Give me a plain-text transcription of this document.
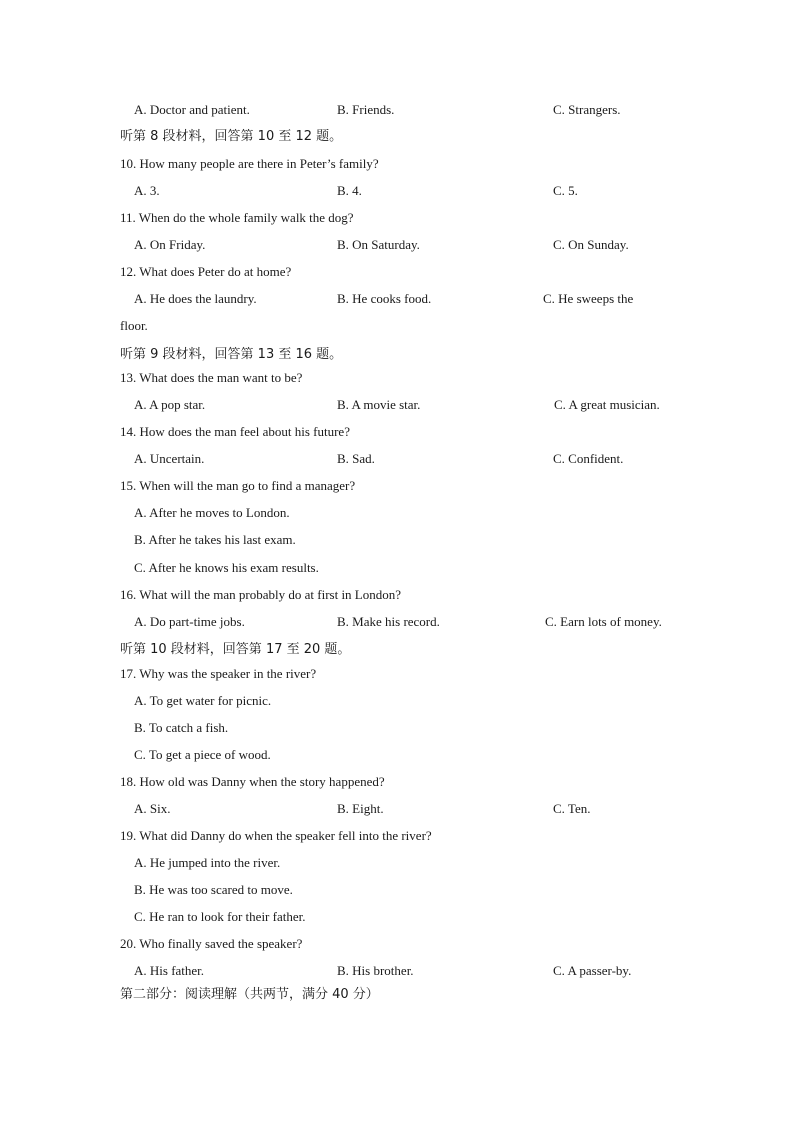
A. Doctor and patient.	B. Friends.	C. Strangers.
听第 8 段材料，回答第 10 至 12 题。
10. How many people are there in Peter’s family?
A. 3.	B. 4.	C. 5.
11. When do the whole family walk the dog?
A. On Friday.	B. On Saturday.	C. On Sunday.
12. What does Peter do at home?
A. He does the laundry.	B. He cooks food.	C. He sweeps the
floor.
听第 9 段材料，回答第 13 至 16 题。
13. What does the man want to be?
A. A pop star.	B. A movie star.	C. A great musician.
14. How does the man feel about his future?
A. Uncertain.	B. Sad.	C. Confident.
15. When will the man go to find a manager?
A. After he moves to London.
B. After he takes his last exam.
C. After he knows his exam results.
16. What will the man probably do at first in London?
A. Do part-time jobs.	B. Make his record.	C. Earn lots of money.
听第 10 段材料，回答第 17 至 20 题。
17. Why was the speaker in the river?
A. To get water for picnic.
B. To catch a fish.
C. To get a piece of wood.
18. How old was Danny when the story happened?
A. Six.	B. Eight.	C. Ten.
19. What did Danny do when the speaker fell into the river?
A. He jumped into the river.
B. He was too scared to move.
C. He ran to look for their father.
20. Who finally saved the speaker?
A. His father.	B. His brother.	C. A passer-by.
第二部分：阅读理解（共两节，满分 40 分）
